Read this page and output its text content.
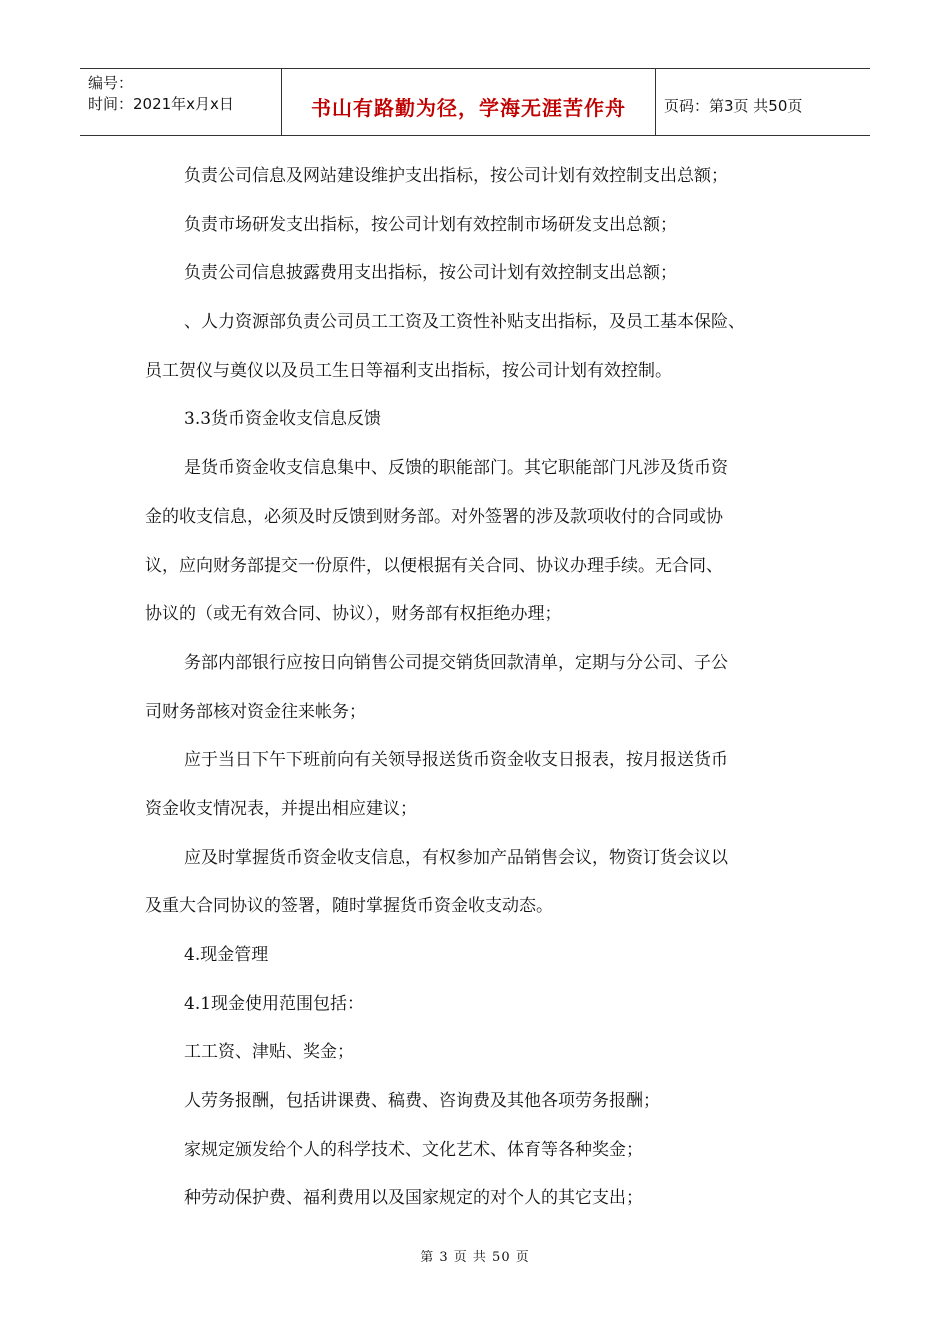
编号：
时间：2021年x月x日	书山有路勤为径，学海无涯苦作舟	页码：第3页 共50页
负责公司信息及网站建设维护支出指标，按公司计划有效控制支出总额；
负责市场研发支出指标，按公司计划有效控制市场研发支出总额；
负责公司信息披露费用支出指标，按公司计划有效控制支出总额；
、人力资源部负责公司员工工资及工资性补贴支出指标，及员工基本保险、
员工贺仪与奠仪以及员工生日等福利支出指标，按公司计划有效控制。
3.3货币资金收支信息反馈
是货币资金收支信息集中、反馈的职能部门。其它职能部门凡涉及货币资
金的收支信息，必须及时反馈到财务部。对外签署的涉及款项收付的合同或协
议，应向财务部提交一份原件，以便根据有关合同、协议办理手续。无合同、
协议的（或无有效合同、协议），财务部有权拒绝办理；
务部内部银行应按日向销售公司提交销货回款清单，定期与分公司、子公
司财务部核对资金往来帐务；
应于当日下午下班前向有关领导报送货币资金收支日报表，按月报送货币
资金收支情况表，并提出相应建议；
应及时掌握货币资金收支信息，有权参加产品销售会议，物资订货会议以
及重大合同协议的签署，随时掌握货币资金收支动态。
4.现金管理
4.1现金使用范围包括：
工工资、津贴、奖金；
人劳务报酬，包括讲课费、稿费、咨询费及其他各项劳务报酬；
家规定颁发给个人的科学技术、文化艺术、体育等各种奖金；
种劳动保护费、福利费用以及国家规定的对个人的其它支出；
第 3 页 共 50 页
